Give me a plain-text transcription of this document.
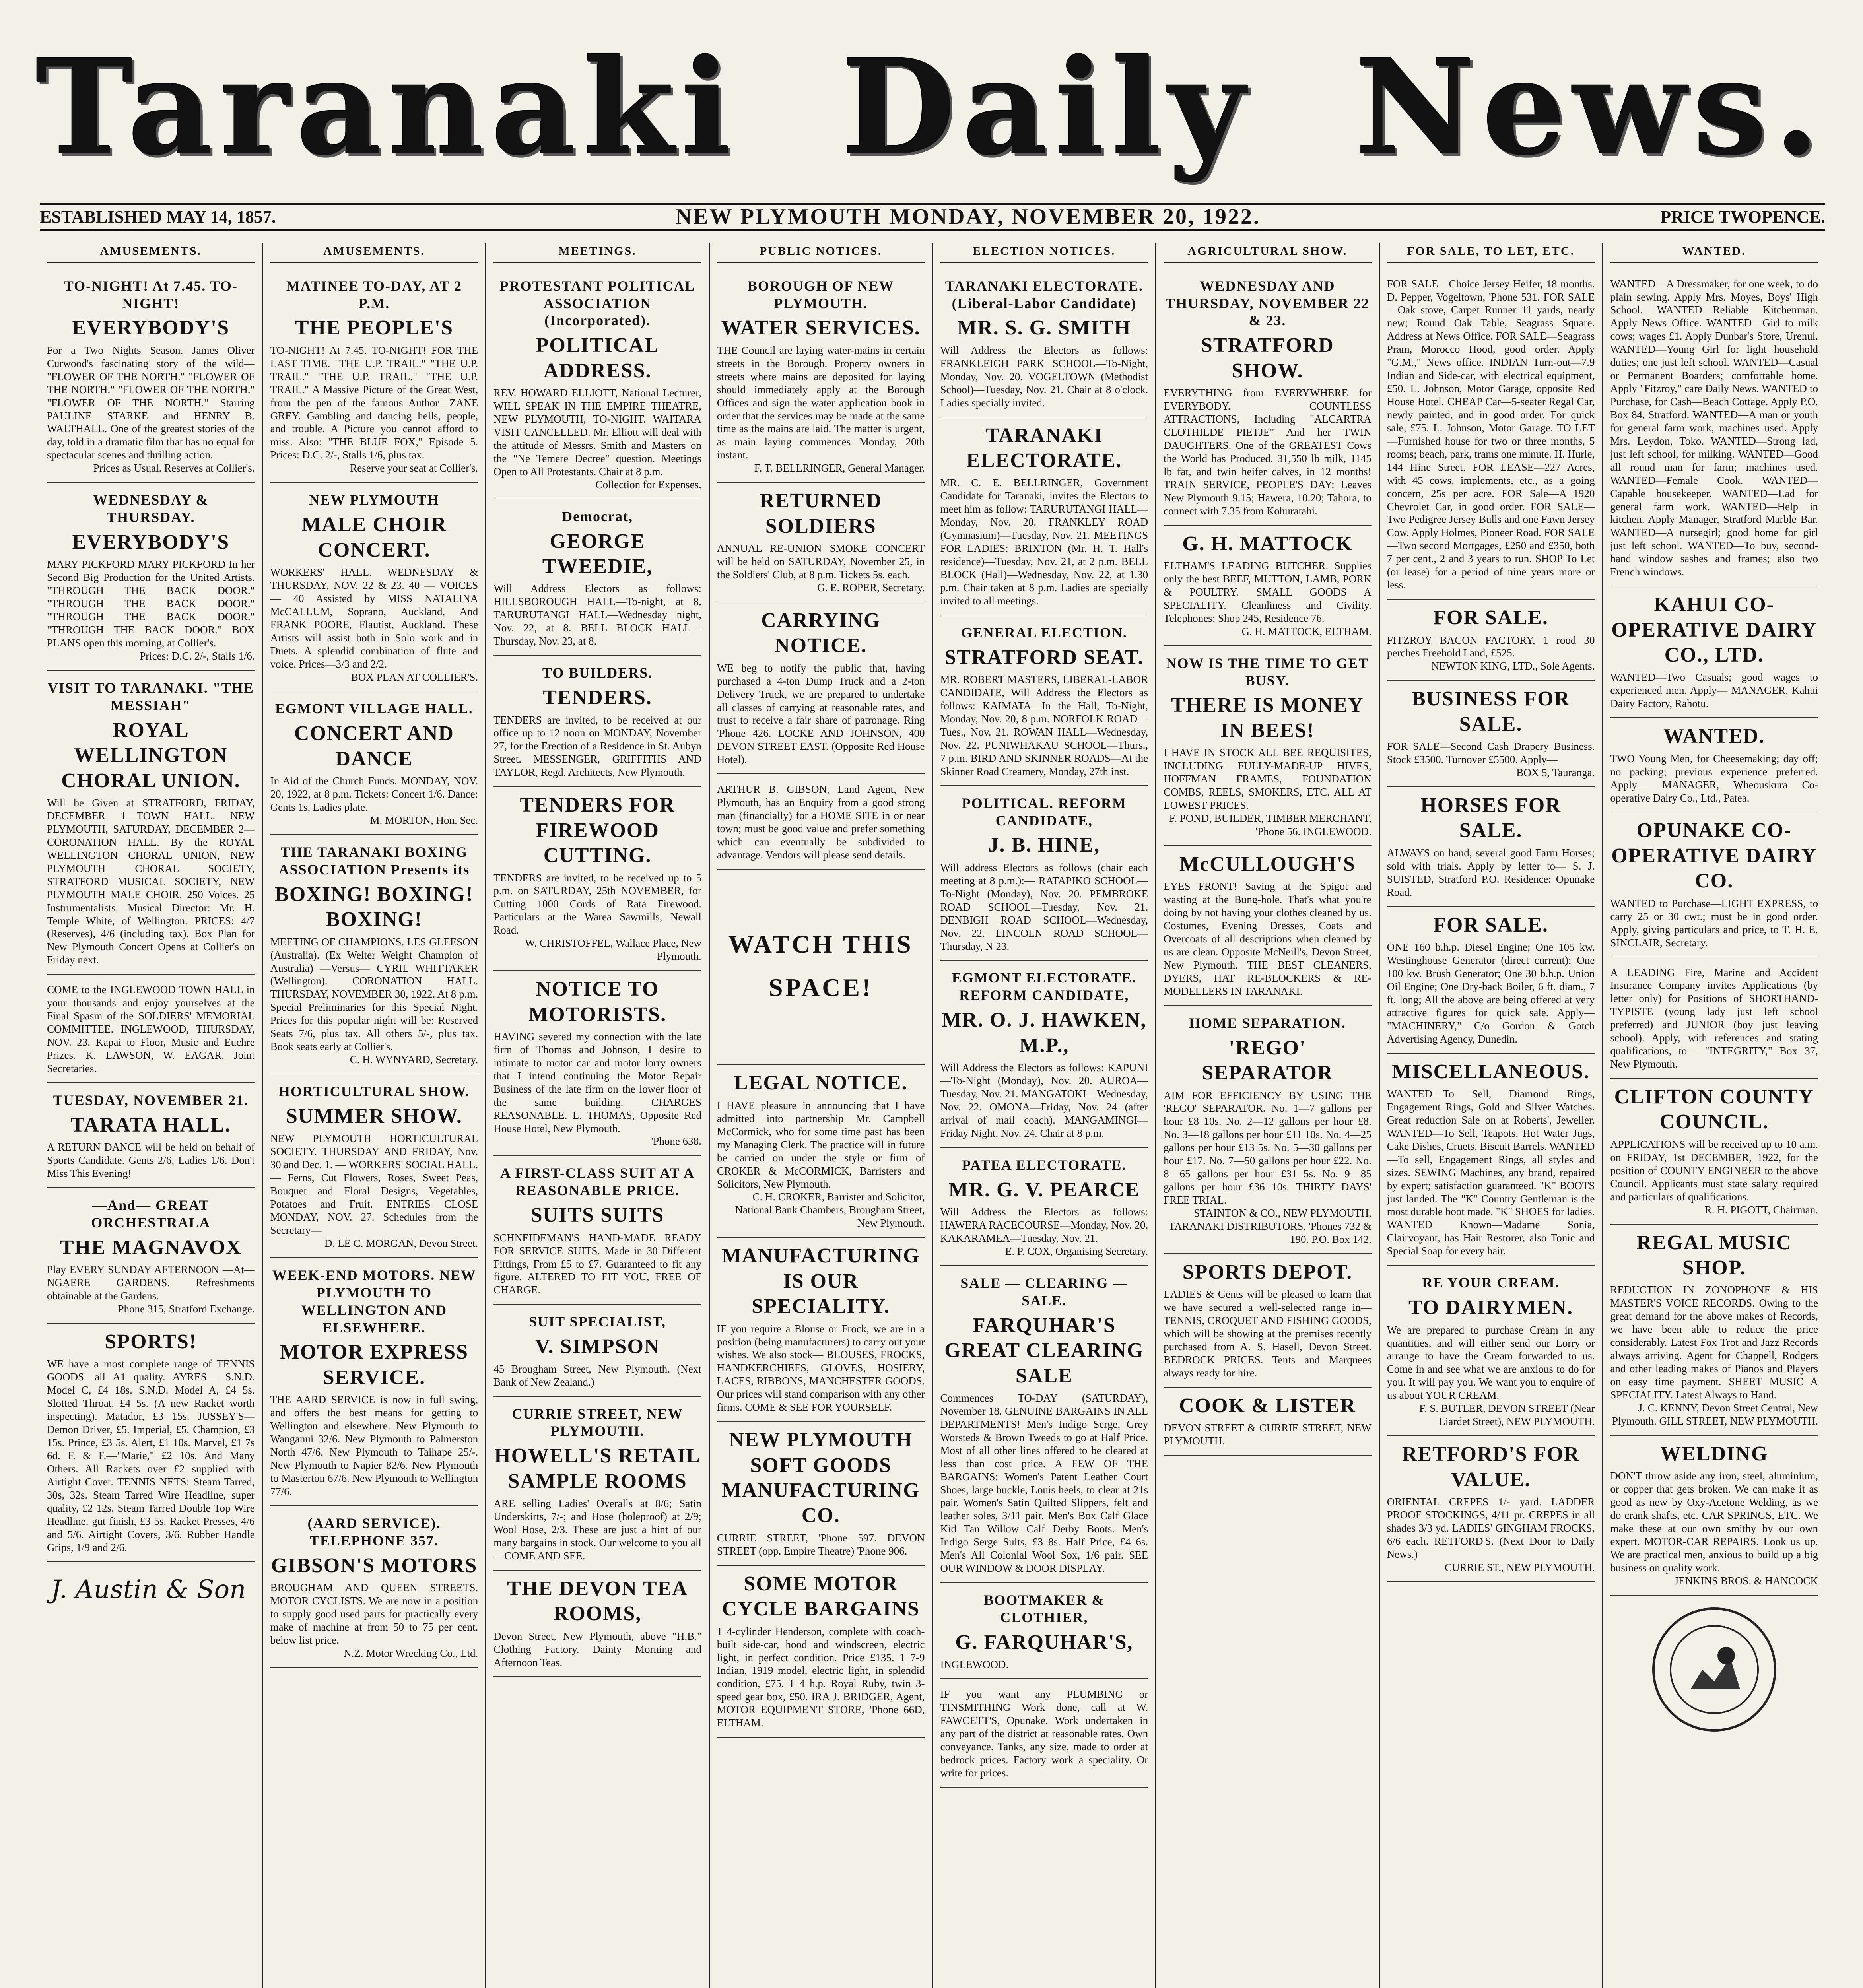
Taranaki Daily News.
ESTABLISHED MAY 14, 1857.	NEW PLYMOUTH MONDAY, NOVEMBER 20, 1922.	PRICE TWOPENCE.
AMUSEMENTS.
TO-NIGHT! At 7.45. TO-NIGHT!
EVERYBODY'S
For a Two Nights Season. James Oliver Curwood's fascinating story of the wild— "FLOWER OF THE NORTH." "FLOWER OF THE NORTH." "FLOWER OF THE NORTH." "FLOWER OF THE NORTH." Starring PAULINE STARKE and HENRY B. WALTHALL. One of the greatest stories of the day, told in a dramatic film that has no equal for spectacular scenes and thrilling action.
Prices as Usual. Reserves at Collier's.
WEDNESDAY & THURSDAY.
EVERYBODY'S
MARY PICKFORD MARY PICKFORD In her Second Big Production for the United Artists. "THROUGH THE BACK DOOR." "THROUGH THE BACK DOOR." "THROUGH THE BACK DOOR." "THROUGH THE BACK DOOR." BOX PLANS open this morning, at Collier's.
Prices: D.C. 2/-, Stalls 1/6.
VISIT TO TARANAKI. "THE MESSIAH"
ROYAL WELLINGTON CHORAL UNION.
Will be Given at STRATFORD, FRIDAY, DECEMBER 1—TOWN HALL. NEW PLYMOUTH, SATURDAY, DECEMBER 2—CORONATION HALL. By the ROYAL WELLINGTON CHORAL UNION, NEW PLYMOUTH CHORAL SOCIETY, STRATFORD MUSICAL SOCIETY, NEW PLYMOUTH MALE CHOIR. 250 Voices. 25 Instrumentalists. Musical Director: Mr. H. Temple White, of Wellington. PRICES: 4/7 (Reserves), 4/6 (including tax). Box Plan for New Plymouth Concert Opens at Collier's on Friday next.
COME to the INGLEWOOD TOWN HALL in your thousands and enjoy yourselves at the Final Spasm of the SOLDIERS' MEMORIAL COMMITTEE. INGLEWOOD, THURSDAY, NOV. 23. Kapai to Floor, Music and Euchre Prizes. K. LAWSON, W. EAGAR, Joint Secretaries.
TUESDAY, NOVEMBER 21.
TARATA HALL.
A RETURN DANCE will be held on behalf of Sports Candidate. Gents 2/6, Ladies 1/6. Don't Miss This Evening!
—And— GREAT ORCHESTRALA
THE MAGNAVOX
Play EVERY SUNDAY AFTERNOON —At— NGAERE GARDENS. Refreshments obtainable at the Gardens.
Phone 315, Stratford Exchange.
SPORTS!
WE have a most complete range of TENNIS GOODS—all A1 quality. AYRES— S.N.D. Model C, £4 18s. S.N.D. Model A, £4 5s. Slotted Throat, £4 5s. (A new Racket worth inspecting). Matador, £3 15s. JUSSEY'S— Demon Driver, £5. Imperial, £5. Champion, £3 15s. Prince, £3 5s. Alert, £1 10s. Marvel, £1 7s 6d. F. & F.—"Marie," £2 10s. And Many Others. All Rackets over £2 supplied with Airtight Cover. TENNIS NETS: Steam Tarred, 30s, 32s. Steam Tarred Wire Headline, super quality, £2 12s. Steam Tarred Double Top Wire Headline, gut finish, £3 5s. Racket Presses, 4/6 and 5/6. Airtight Covers, 3/6. Rubber Handle Grips, 1/9 and 2/6.
J. Austin & Son
AMUSEMENTS.
MATINEE TO-DAY, AT 2 P.M.
THE PEOPLE'S
TO-NIGHT! At 7.45. TO-NIGHT! FOR THE LAST TIME. "THE U.P. TRAIL." "THE U.P. TRAIL." "THE U.P. TRAIL." "THE U.P. TRAIL." A Massive Picture of the Great West, from the pen of the famous Author—ZANE GREY. Gambling and dancing hells, people, and trouble. A Picture you cannot afford to miss. Also: "THE BLUE FOX," Episode 5. Prices: D.C. 2/-, Stalls 1/6, plus tax.
Reserve your seat at Collier's.
NEW PLYMOUTH
MALE CHOIR CONCERT.
WORKERS' HALL. WEDNESDAY & THURSDAY, NOV. 22 & 23. 40 — VOICES — 40 Assisted by MISS NATALINA McCALLUM, Soprano, Auckland, And FRANK POORE, Flautist, Auckland. These Artists will assist both in Solo work and in Duets. A splendid combination of flute and voice. Prices—3/3 and 2/2.
BOX PLAN AT COLLIER'S.
EGMONT VILLAGE HALL.
CONCERT AND DANCE
In Aid of the Church Funds. MONDAY, NOV. 20, 1922, at 8 p.m. Tickets: Concert 1/6. Dance: Gents 1s, Ladies plate.
M. MORTON, Hon. Sec.
THE TARANAKI BOXING ASSOCIATION Presents its
BOXING! BOXING! BOXING!
MEETING OF CHAMPIONS. LES GLEESON (Australia). (Ex Welter Weight Champion of Australia) —Versus— CYRIL WHITTAKER (Wellington). CORONATION HALL. THURSDAY, NOVEMBER 30, 1922. At 8 p.m. Special Preliminaries for this Special Night. Prices for this popular night will be: Reserved Seats 7/6, plus tax. All others 5/-, plus tax. Book seats early at Collier's.
C. H. WYNYARD, Secretary.
HORTICULTURAL SHOW.
SUMMER SHOW.
NEW PLYMOUTH HORTICULTURAL SOCIETY. THURSDAY AND FRIDAY, Nov. 30 and Dec. 1. — WORKERS' SOCIAL HALL. — Ferns, Cut Flowers, Roses, Sweet Peas, Bouquet and Floral Designs, Vegetables, Potatoes and Fruit. ENTRIES CLOSE MONDAY, NOV. 27. Schedules from the Secretary—
D. LE C. MORGAN, Devon Street.
WEEK-END MOTORS. NEW PLYMOUTH TO WELLINGTON AND ELSEWHERE.
MOTOR EXPRESS SERVICE.
THE AARD SERVICE is now in full swing, and offers the best means for getting to Wellington and elsewhere. New Plymouth to Wanganui 32/6. New Plymouth to Palmerston North 47/6. New Plymouth to Taihape 25/-. New Plymouth to Napier 82/6. New Plymouth to Masterton 67/6. New Plymouth to Wellington 77/6.
(AARD SERVICE). TELEPHONE 357.
GIBSON'S MOTORS
BROUGHAM AND QUEEN STREETS. MOTOR CYCLISTS. We are now in a position to supply good used parts for practically every make of machine at from 50 to 75 per cent. below list price.
N.Z. Motor Wrecking Co., Ltd.
MEETINGS.
PROTESTANT POLITICAL ASSOCIATION (Incorporated).
POLITICAL ADDRESS.
REV. HOWARD ELLIOTT, National Lecturer, WILL SPEAK IN THE EMPIRE THEATRE, NEW PLYMOUTH, TO-NIGHT. WAITARA VISIT CANCELLED. Mr. Elliott will deal with the attitude of Messrs. Smith and Masters on the "Ne Temere Decree" question. Meetings Open to All Protestants. Chair at 8 p.m.
Collection for Expenses.
Democrat,
GEORGE TWEEDIE,
Will Address Electors as follows: HILLSBOROUGH HALL—To-night, at 8. TARURUTANGI HALL—Wednesday night, Nov. 22, at 8. BELL BLOCK HALL—Thursday, Nov. 23, at 8.
TO BUILDERS.
TENDERS.
TENDERS are invited, to be received at our office up to 12 noon on MONDAY, November 27, for the Erection of a Residence in St. Aubyn Street. MESSENGER, GRIFFITHS AND TAYLOR, Regd. Architects, New Plymouth.
TENDERS FOR FIREWOOD CUTTING.
TENDERS are invited, to be received up to 5 p.m. on SATURDAY, 25th NOVEMBER, for Cutting 1000 Cords of Rata Firewood. Particulars at the Warea Sawmills, Newall Road.
W. CHRISTOFFEL, Wallace Place, New Plymouth.
NOTICE TO MOTORISTS.
HAVING severed my connection with the late firm of Thomas and Johnson, I desire to intimate to motor car and motor lorry owners that I intend continuing the Motor Repair Business of the late firm on the lower floor of the same building. CHARGES REASONABLE. L. THOMAS, Opposite Red House Hotel, New Plymouth.
'Phone 638.
A FIRST-CLASS SUIT AT A REASONABLE PRICE.
SUITS SUITS
SCHNEIDEMAN'S HAND-MADE READY FOR SERVICE SUITS. Made in 30 Different Fittings, From £5 to £7. Guaranteed to fit any figure. ALTERED TO FIT YOU, FREE OF CHARGE.
SUIT SPECIALIST,
V. SIMPSON
45 Brougham Street, New Plymouth. (Next Bank of New Zealand.)
CURRIE STREET, NEW PLYMOUTH.
HOWELL'S RETAIL SAMPLE ROOMS
ARE selling Ladies' Overalls at 8/6; Satin Underskirts, 7/-; and Hose (holeproof) at 2/9; Wool Hose, 2/3. These are just a hint of our many bargains in stock. Our welcome to you all—COME AND SEE.
THE DEVON TEA ROOMS,
Devon Street, New Plymouth, above "H.B." Clothing Factory. Dainty Morning and Afternoon Teas.
PUBLIC NOTICES.
BOROUGH OF NEW PLYMOUTH.
WATER SERVICES.
THE Council are laying water-mains in certain streets in the Borough. Property owners in streets where mains are deposited for laying should immediately apply at the Borough Offices and sign the water application book in order that the services may be made at the same time as the mains are laid. The matter is urgent, as main laying commences Monday, 20th instant.
F. T. BELLRINGER, General Manager.
RETURNED SOLDIERS
ANNUAL RE-UNION SMOKE CONCERT will be held on SATURDAY, November 25, in the Soldiers' Club, at 8 p.m. Tickets 5s. each.
G. E. ROPER, Secretary.
CARRYING NOTICE.
WE beg to notify the public that, having purchased a 4-ton Dump Truck and a 2-ton Delivery Truck, we are prepared to undertake all classes of carrying at reasonable rates, and trust to receive a fair share of patronage. Ring 'Phone 426. LOCKE AND JOHNSON, 400 DEVON STREET EAST. (Opposite Red House Hotel).
ARTHUR B. GIBSON, Land Agent, New Plymouth, has an Enquiry from a good strong man (financially) for a HOME SITE in or near town; must be good value and prefer something which can eventually be subdivided to advantage. Vendors will please send details.
WATCH THIS SPACE!
LEGAL NOTICE.
I HAVE pleasure in announcing that I have admitted into partnership Mr. Campbell McCormick, who for some time past has been my Managing Clerk. The practice will in future be carried on under the style or firm of CROKER & McCORMICK, Barristers and Solicitors, New Plymouth.
C. H. CROKER, Barrister and Solicitor, National Bank Chambers, Brougham Street, New Plymouth.
MANUFACTURING IS OUR SPECIALITY.
IF you require a Blouse or Frock, we are in a position (being manufacturers) to carry out your wishes. We also stock— BLOUSES, FROCKS, HANDKERCHIEFS, GLOVES, HOSIERY, LACES, RIBBONS, MANCHESTER GOODS. Our prices will stand comparison with any other firms. COME & SEE FOR YOURSELF.
NEW PLYMOUTH SOFT GOODS MANUFACTURING CO.
CURRIE STREET, 'Phone 597. DEVON STREET (opp. Empire Theatre) 'Phone 906.
SOME MOTOR CYCLE BARGAINS
1 4-cylinder Henderson, complete with coach-built side-car, hood and windscreen, electric light, in perfect condition. Price £135. 1 7-9 Indian, 1919 model, electric light, in splendid condition, £75. 1 4 h.p. Royal Ruby, twin 3-speed gear box, £50. IRA J. BRIDGER, Agent, MOTOR EQUIPMENT STORE, 'Phone 66D, ELTHAM.
ELECTION NOTICES.
TARANAKI ELECTORATE. (Liberal-Labor Candidate)
MR. S. G. SMITH
Will Address the Electors as follows: FRANKLEIGH PARK SCHOOL—To-Night, Monday, Nov. 20. VOGELTOWN (Methodist School)—Tuesday, Nov. 21. Chair at 8 o'clock. Ladies specially invited.
TARANAKI ELECTORATE.
MR. C. E. BELLRINGER, Government Candidate for Taranaki, invites the Electors to meet him as follow: TARURUTANGI HALL—Monday, Nov. 20. FRANKLEY ROAD (Gymnasium)—Tuesday, Nov. 21. MEETINGS FOR LADIES: BRIXTON (Mr. H. T. Hall's residence)—Tuesday, Nov. 21, at 2 p.m. BELL BLOCK (Hall)—Wednesday, Nov. 22, at 1.30 p.m. Chair taken at 8 p.m. Ladies are specially invited to all meetings.
GENERAL ELECTION.
STRATFORD SEAT.
MR. ROBERT MASTERS, LIBERAL-LABOR CANDIDATE, Will Address the Electors as follows: KAIMATA—In the Hall, To-Night, Monday, Nov. 20, 8 p.m. NORFOLK ROAD—Tues., Nov. 21. ROWAN HALL—Wednesday, Nov. 22. PUNIWHAKAU SCHOOL—Thurs., 7 p.m. BIRD AND SKINNER ROADS—At the Skinner Road Creamery, Monday, 27th inst.
POLITICAL. REFORM CANDIDATE,
J. B. HINE,
Will address Electors as follows (chair each meeting at 8 p.m.):— RATAPIKO SCHOOL—To-Night (Monday), Nov. 20. PEMBROKE ROAD SCHOOL—Tuesday, Nov. 21. DENBIGH ROAD SCHOOL—Wednesday, Nov. 22. LINCOLN ROAD SCHOOL—Thursday, N 23.
EGMONT ELECTORATE. REFORM CANDIDATE,
MR. O. J. HAWKEN, M.P.,
Will Address the Electors as follows: KAPUNI—To-Night (Monday), Nov. 20. AUROA—Tuesday, Nov. 21. MANGATOKI—Wednesday, Nov. 22. OMONA—Friday, Nov. 24 (after arrival of mail coach). MANGAMINGI—Friday Night, Nov. 24. Chair at 8 p.m.
PATEA ELECTORATE.
MR. G. V. PEARCE
Will Address the Electors as follows: HAWERA RACECOURSE—Monday, Nov. 20. KAKARAMEA—Tuesday, Nov. 21.
E. P. COX, Organising Secretary.
SALE — CLEARING — SALE.
FARQUHAR'S GREAT CLEARING SALE
Commences TO-DAY (SATURDAY), November 18. GENUINE BARGAINS IN ALL DEPARTMENTS! Men's Indigo Serge, Grey Worsteds & Brown Tweeds to go at Half Price. Most of all other lines offered to be cleared at less than cost price. A FEW OF THE BARGAINS: Women's Patent Leather Court Shoes, large buckle, Louis heels, to clear at 21s pair. Women's Satin Quilted Slippers, felt and leather soles, 3/11 pair. Men's Box Calf Glace Kid Tan Willow Calf Derby Boots. Men's Indigo Serge Suits, £3 8s. Half Price, £4 6s. Men's All Colonial Wool Sox, 1/6 pair. SEE OUR WINDOW & DOOR DISPLAY.
BOOTMAKER & CLOTHIER,
G. FARQUHAR'S,
INGLEWOOD.
IF you want any PLUMBING or TINSMITHING Work done, call at W. FAWCETT'S, Opunake. Work undertaken in any part of the district at reasonable rates. Own conveyance. Tanks, any size, made to order at bedrock prices. Factory work a speciality. Or write for prices.
AGRICULTURAL SHOW.
WEDNESDAY AND THURSDAY, NOVEMBER 22 & 23.
STRATFORD SHOW.
EVERYTHING from EVERYWHERE for EVERYBODY. COUNTLESS ATTRACTIONS, Including "ALCARTRA CLOTHILDE PIETJE" And her TWIN DAUGHTERS. One of the GREATEST Cows the World has Produced. 31,550 lb milk, 1145 lb fat, and twin heifer calves, in 12 months! TRAIN SERVICE, PEOPLE'S DAY: Leaves New Plymouth 9.15; Hawera, 10.20; Tahora, to connect with 7.35 from Kohuratahi.
G. H. MATTOCK
ELTHAM'S LEADING BUTCHER. Supplies only the best BEEF, MUTTON, LAMB, PORK & POULTRY. SMALL GOODS A SPECIALITY. Cleanliness and Civility. Telephones: Shop 245, Residence 76.
G. H. MATTOCK, ELTHAM.
NOW IS THE TIME TO GET BUSY.
THERE IS MONEY IN BEES!
I HAVE IN STOCK ALL BEE REQUISITES, INCLUDING FULLY-MADE-UP HIVES, HOFFMAN FRAMES, FOUNDATION COMBS, REELS, SMOKERS, ETC. ALL AT LOWEST PRICES.
F. POND, BUILDER, TIMBER MERCHANT, 'Phone 56. INGLEWOOD.
McCULLOUGH'S
EYES FRONT! Saving at the Spigot and wasting at the Bung-hole. That's what you're doing by not having your clothes cleaned by us. Costumes, Evening Dresses, Coats and Overcoats of all descriptions when cleaned by us are clean. Opposite McNeill's, Devon Street, New Plymouth. THE BEST CLEANERS, DYERS, HAT RE-BLOCKERS & RE-MODELLERS IN TARANAKI.
HOME SEPARATION.
'REGO' SEPARATOR
AIM FOR EFFICIENCY BY USING THE 'REGO' SEPARATOR. No. 1—7 gallons per hour £8 10s. No. 2—12 gallons per hour £8. No. 3—18 gallons per hour £11 10s. No. 4—25 gallons per hour £13 5s. No. 5—30 gallons per hour £17. No. 7—50 gallons per hour £22. No. 8—65 gallons per hour £31 5s. No. 9—85 gallons per hour £36 10s. THIRTY DAYS' FREE TRIAL.
STAINTON & CO., NEW PLYMOUTH, TARANAKI DISTRIBUTORS. 'Phones 732 & 190. P.O. Box 142.
SPORTS DEPOT.
LADIES & Gents will be pleased to learn that we have secured a well-selected range in— TENNIS, CROQUET AND FISHING GOODS, which will be showing at the premises recently purchased from A. S. Hasell, Devon Street. BEDROCK PRICES. Tents and Marquees always ready for hire.
COOK & LISTER
DEVON STREET & CURRIE STREET, NEW PLYMOUTH.
FOR SALE, TO LET, ETC.
FOR SALE—Choice Jersey Heifer, 18 months. D. Pepper, Vogeltown, 'Phone 531. FOR SALE—Oak stove, Carpet Runner 11 yards, nearly new; Round Oak Table, Seagrass Square. Address at News Office. FOR SALE—Seagrass Pram, Morocco Hood, good order. Apply "G.M.," News office. INDIAN Turn-out—7.9 Indian and Side-car, with electrical equipment, £50. L. Johnson, Motor Garage, opposite Red House Hotel. CHEAP Car—5-seater Regal Car, newly painted, and in good order. For quick sale, £75. L. Johnson, Motor Garage. TO LET—Furnished house for two or three months, 5 rooms; beach, park, trams one minute. H. Hurle, 144 Hine Street. FOR LEASE—227 Acres, with 45 cows, implements, etc., as a going concern, 25s per acre. FOR Sale—A 1920 Chevrolet Car, in good order. FOR SALE—Two Pedigree Jersey Bulls and one Fawn Jersey Cow. Apply Holmes, Pioneer Road. FOR SALE—Two second Mortgages, £250 and £350, both 7 per cent., 2 and 3 years to run. SHOP To Let (or lease) for a period of nine years more or less.
FOR SALE.
FITZROY BACON FACTORY, 1 rood 30 perches Freehold Land, £525.
NEWTON KING, LTD., Sole Agents.
BUSINESS FOR SALE.
FOR SALE—Second Cash Drapery Business. Stock £3500. Turnover £5500. Apply—
BOX 5, Tauranga.
HORSES FOR SALE.
ALWAYS on hand, several good Farm Horses; sold with trials. Apply by letter to— S. J. SUISTED, Stratford P.O. Residence: Opunake Road.
FOR SALE.
ONE 160 b.h.p. Diesel Engine; One 105 kw. Westinghouse Generator (direct current); One 100 kw. Brush Generator; One 30 b.h.p. Union Oil Engine; One Dry-back Boiler, 6 ft. diam., 7 ft. long; All the above are being offered at very attractive figures for quick sale. Apply— "MACHINERY," C/o Gordon & Gotch Advertising Agency, Dunedin.
MISCELLANEOUS.
WANTED—To Sell, Diamond Rings, Engagement Rings, Gold and Silver Watches. Great reduction Sale on at Roberts', Jeweller. WANTED—To Sell, Teapots, Hot Water Jugs, Cake Dishes, Cruets, Biscuit Barrels. WANTED—To sell, Engagement Rings, all styles and sizes. SEWING Machines, any brand, repaired by expert; satisfaction guaranteed. "K" BOOTS just landed. The "K" Country Gentleman is the most durable boot made. "K" SHOES for ladies. WANTED Known—Madame Sonia, Clairvoyant, has Hair Restorer, also Tonic and Special Soap for every hair.
RE YOUR CREAM.
TO DAIRYMEN.
We are prepared to purchase Cream in any quantities, and will either send our Lorry or arrange to have the Cream forwarded to us. Come in and see what we are anxious to do for you. It will pay you. We want you to enquire of us about YOUR CREAM.
F. S. BUTLER, DEVON STREET (Near Liardet Street), NEW PLYMOUTH.
RETFORD'S FOR VALUE.
ORIENTAL CREPES 1/- yard. LADDER PROOF STOCKINGS, 4/11 pr. CREPES in all shades 3/3 yd. LADIES' GINGHAM FROCKS, 6/6 each. RETFORD'S. (Next Door to Daily News.)
CURRIE ST., NEW PLYMOUTH.
WANTED.
WANTED—A Dressmaker, for one week, to do plain sewing. Apply Mrs. Moyes, Boys' High School. WANTED—Reliable Kitchenman. Apply News Office. WANTED—Girl to milk cows; wages £1. Apply Dunbar's Store, Urenui. WANTED—Young Girl for light household duties; one just left school. WANTED—Casual or Permanent Boarders; comfortable home. Apply "Fitzroy," care Daily News. WANTED to Purchase, for Cash—Beach Cottage. Apply P.O. Box 84, Stratford. WANTED—A man or youth for general farm work, machines used. Apply Mrs. Leydon, Toko. WANTED—Strong lad, just left school, for milking. WANTED—Good all round man for farm; machines used. WANTED—Female Cook. WANTED—Capable housekeeper. WANTED—Lad for general farm work. WANTED—Help in kitchen. Apply Manager, Stratford Marble Bar. WANTED—A nursegirl; good home for girl just left school. WANTED—To buy, second-hand window sashes and frames; also two French windows.
KAHUI CO-OPERATIVE DAIRY CO., LTD.
WANTED—Two Casuals; good wages to experienced men. Apply— MANAGER, Kahui Dairy Factory, Rahotu.
WANTED.
TWO Young Men, for Cheesemaking; day off; no packing; previous experience preferred. Apply— MANAGER, Wheouskura Co-operative Dairy Co., Ltd., Patea.
OPUNAKE CO-OPERATIVE DAIRY CO.
WANTED to Purchase—LIGHT EXPRESS, to carry 25 or 30 cwt.; must be in good order. Apply, giving particulars and price, to T. H. E. SINCLAIR, Secretary.
A LEADING Fire, Marine and Accident Insurance Company invites Applications (by letter only) for Positions of SHORTHAND-TYPISTE (young lady just left school preferred) and JUNIOR (boy just leaving school). Apply, with references and stating qualifications, to— "INTEGRITY," Box 37, New Plymouth.
CLIFTON COUNTY COUNCIL.
APPLICATIONS will be received up to 10 a.m. on FRIDAY, 1st DECEMBER, 1922, for the position of COUNTY ENGINEER to the above Council. Applicants must state salary required and particulars of qualifications.
R. H. PIGOTT, Chairman.
REGAL MUSIC SHOP.
REDUCTION IN ZONOPHONE & HIS MASTER'S VOICE RECORDS. Owing to the great demand for the above makes of Records, we have been able to reduce the price considerably. Latest Fox Trot and Jazz Records always arriving. Agent for Chappell, Rodgers and other leading makes of Pianos and Players on easy time payment. SHEET MUSIC A SPECIALITY. Latest Always to Hand.
J. C. KENNY, Devon Street Central, New Plymouth. GILL STREET, NEW PLYMOUTH.
WELDING
DON'T throw aside any iron, steel, aluminium, or copper that gets broken. We can make it as good as new by Oxy-Acetone Welding, as we do crank shafts, etc. CAR SPRINGS, ETC. We make these at our own smithy by our own expert. MOTOR-CAR REPAIRS. Look us up. We are practical men, anxious to build up a big business on quality work.
JENKINS BROS. & HANCOCK
